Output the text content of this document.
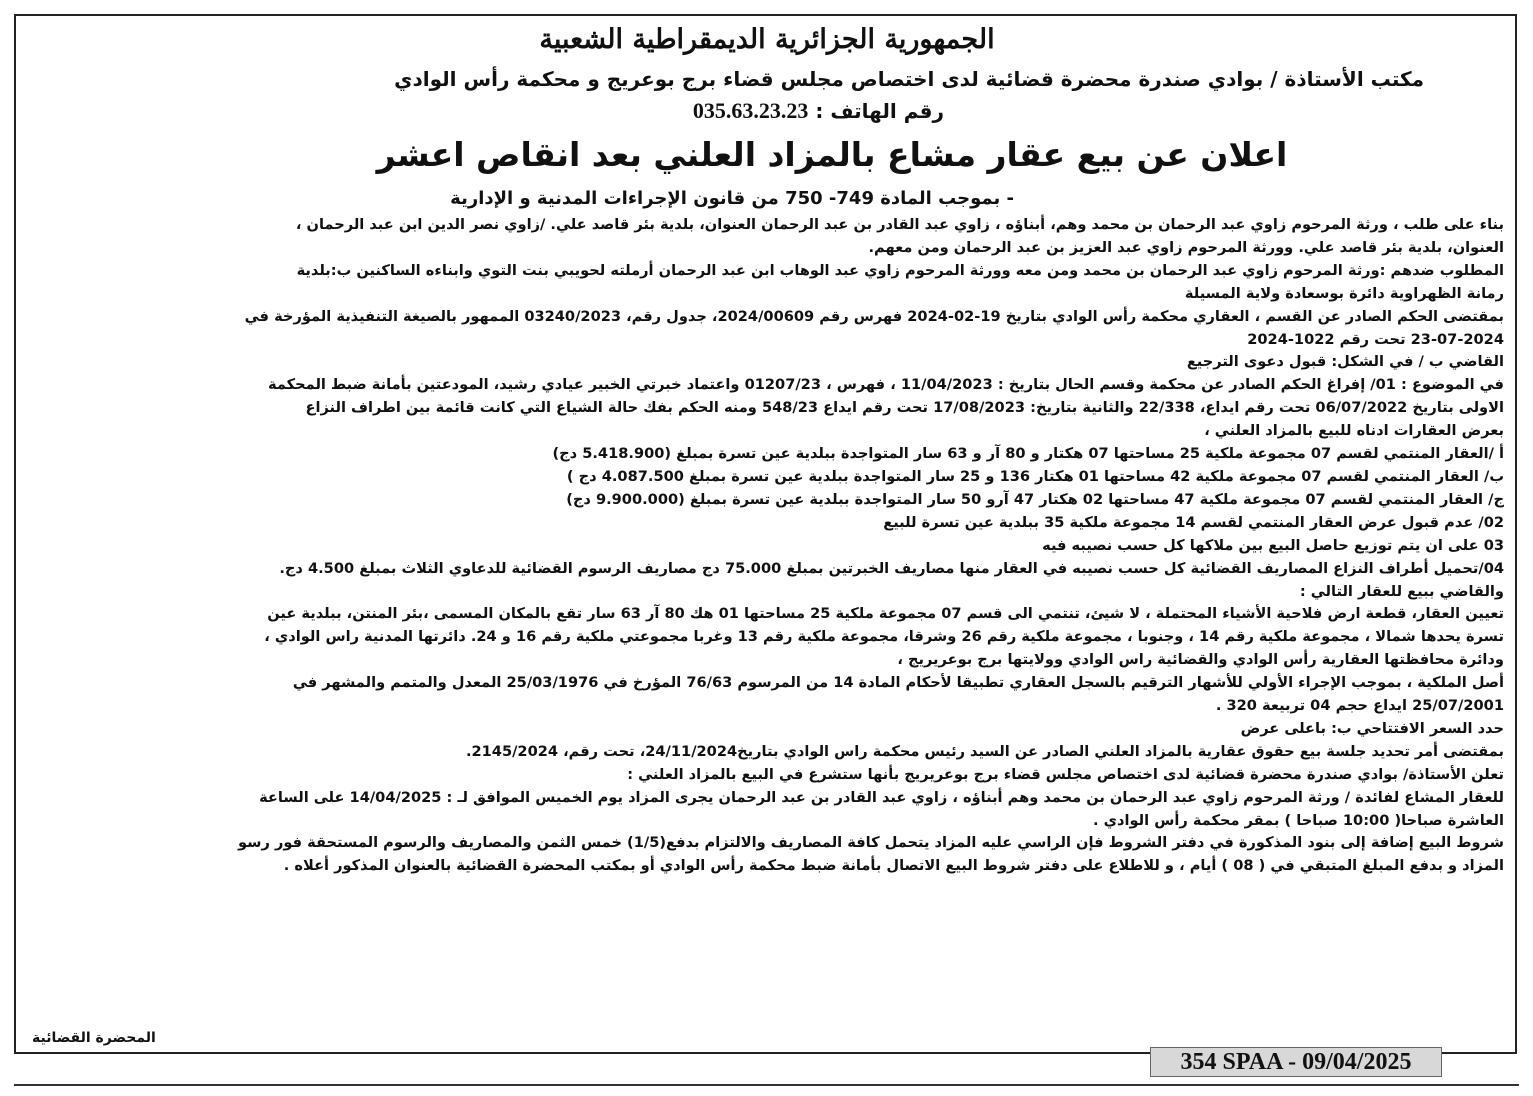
الجمهورية الجزائرية الديمقراطية الشعبية
مكتب الأستاذة / بوادي صندرة محضرة قضائية لدى اختصاص مجلس قضاء برج بوعريج و محكمة رأس الوادي
رقم الهاتف : 035.63.23.23
اعلان عن بيع عقار مشاع بالمزاد العلني بعد انقاص اعشر
- بموجب المادة 749- 750 من قانون الإجراءات المدنية و الإدارية
بناء على طلب ، ورثة المرحوم زاوي عبد الرحمان بن محمد وهم، أبناؤه ، زاوي عبد القادر بن عبد الرحمان العنوان، بلدية بئر قاصد علي. /زاوي نصر الدين ابن عبد الرحمان ،
العنوان، بلدية بئر قاصد علي. وورثة المرحوم زاوي عبد العزيز بن عبد الرحمان ومن معهم.
المطلوب ضدهم :ورثة المرحوم زاوي عبد الرحمان بن محمد ومن معه وورثة المرحوم زاوي عبد الوهاب ابن عبد الرحمان أرملته لحويبي بنت التوي وابناءه الساكنين ب:بلدية
رمانة الظهراوية دائرة بوسعادة ولاية المسيلة
بمقتضى الحكم الصادر عن القسم ، العقاري محكمة رأس الوادي بتاريخ 19-02-2024 فهرس رقم 2024/00609، جدول رقم، 03240/2023 الممهور بالصيغة التنفيذية المؤرخة في
23-07-2024 تحت رقم 1022-2024
القاضي ب / في الشكل: قبول دعوى الترجيع
في الموضوع : 01/ إفراغ الحكم الصادر عن محكمة وقسم الحال بتاريخ : 11/04/2023 ، فهرس ، 01207/23 واعتماد خبرتي الخبير عيادي رشيد، المودعتين بأمانة ضبط المحكمة
الاولى بتاريخ 06/07/2022 تحت رقم ايداع، 22/338 والثانية بتاريخ: 17/08/2023 تحت رقم ايداع 548/23 ومنه الحكم بفك حالة الشياع التي كانت قائمة بين اطراف النزاع
بعرض العقارات ادناه للبيع بالمزاد العلني ،
أ /العقار المنتمي لقسم 07 مجموعة ملكية 25 مساحتها 07 هكتار و 80 آر و 63 سار المتواجدة ببلدية عين تسرة بمبلغ (5.418.900 دج)
ب/ العقار المنتمي لقسم 07 مجموعة ملكية 42 مساحتها 01 هكتار 136 و 25 سار المتواجدة ببلدية عين تسرة بمبلغ 4.087.500 دج )
ج/ العقار المنتمي لقسم 07 مجموعة ملكية 47 مساحتها 02 هكتار 47 آرو 50 سار المتواجدة ببلدية عين تسرة بمبلغ (9.900.000 دج)
02/ عدم قبول عرض العقار المنتمي لقسم 14 مجموعة ملكية 35 ببلدية عين تسرة للبيع
03 على ان يتم توزيع حاصل البيع بين ملاكها كل حسب نصيبه فيه
04/تحميل أطراف النزاع المصاريف القضائية كل حسب نصيبه في العقار منها مصاريف الخبرتين بمبلغ 75.000 دج مصاريف الرسوم القضائية للدعاوي الثلاث بمبلغ 4.500 دج.
والقاضي ببيع للعقار التالي :
تعيين العقار، قطعة ارض فلاحية الأشياء المحتملة ، لا شيئ، تنتمي الى قسم 07 مجموعة ملكية 25 مساحتها 01 هك 80 آر 63 سار تقع بالمكان المسمى ،بئر المنتن، ببلدية عين
تسرة يحدها شمالا ، مجموعة ملكية رقم 14 ، وجنوبا ، مجموعة ملكية رقم 26 وشرقا، مجموعة ملكية رقم 13 وغربا مجموعتي ملكية رقم 16 و 24. دائرتها المدنية راس الوادي ،
ودائرة محافظتها العقارية رأس الوادي والقضائية راس الوادي وولايتها برج بوعريريج ،
أصل الملكية ، بموجب الإجراء الأولي للأشهار الترقيم بالسجل العقاري تطبيقا لأحكام المادة 14 من المرسوم 76/63 المؤرخ في 25/03/1976 المعدل والمتمم والمشهر في
25/07/2001 ايداع حجم 04 تربيعة 320 .
حدد السعر الافتتاحي ب: باعلى عرض
بمقتضى أمر تحديد جلسة بيع حقوق عقارية بالمزاد العلني الصادر عن السيد رئيس محكمة راس الوادي بتاريخ24/11/2024، تحت رقم، 2145/2024.
تعلن الأستاذة/ بوادي صندرة محضرة قضائية لدى اختصاص مجلس قضاء برج بوعريريج بأنها ستشرع في البيع بالمزاد العلني :
للعقار المشاع لفائدة / ورثة المرحوم زاوي عبد الرحمان بن محمد وهم أبناؤه ، زاوي عبد القادر بن عبد الرحمان يجرى المزاد يوم الخميس الموافق لـ : 14/04/2025 على الساعة
العاشرة صباحا( 10:00 صباحا ) بمقر محكمة رأس الوادي .
شروط البيع إضافة إلى بنود المذكورة في دفتر الشروط فإن الراسي عليه المزاد يتحمل كافة المصاريف والالتزام بدفع(1/5) خمس الثمن والمصاريف والرسوم المستحقة فور رسو
المزاد و بدفع المبلغ المتبقي في ( 08 ) أيام ، و للاطلاع على دفتر شروط البيع الاتصال بأمانة ضبط محكمة رأس الوادي أو بمكتب المحضرة القضائية بالعنوان المذكور أعلاه .
المحضرة القضائية
354 SPAA - 09/04/2025
